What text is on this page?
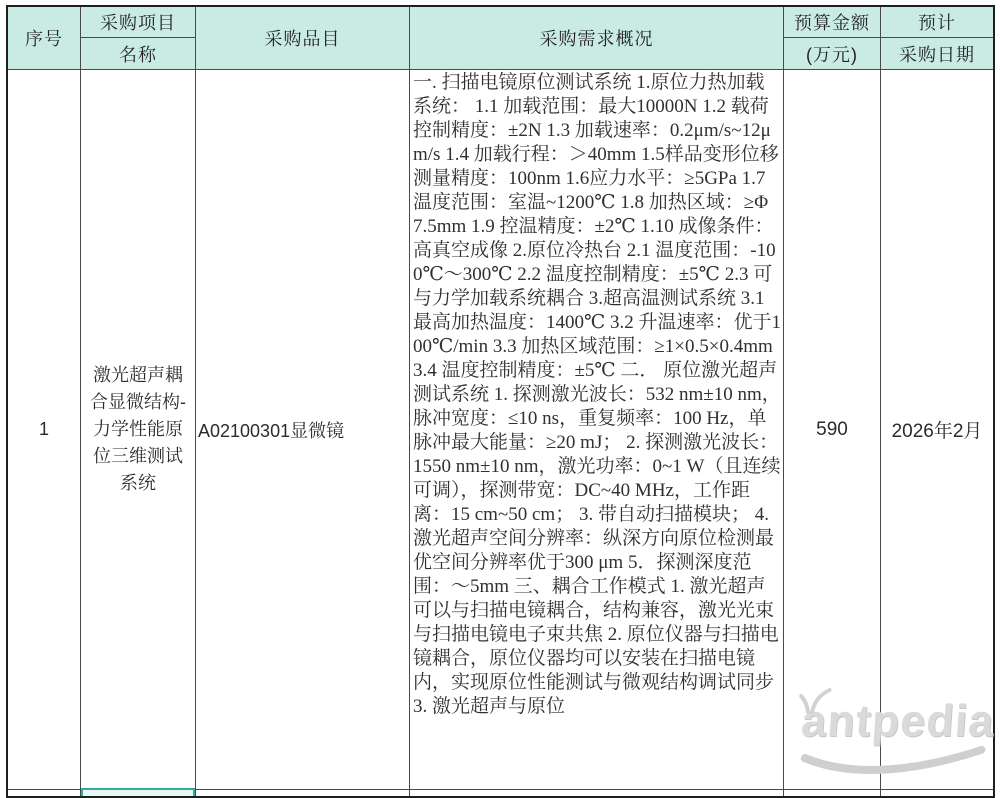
序号
采购项目
名称
采购品目	采购需求概况
预算金额
(万元)
预计
采购日期
1
激光超声耦合显微结构-力学性能原位三维测试系统
A02100301显微镜
一. 扫描电镜原位测试系统 1.原位力热加载系统： 1.1 加载范围：最大10000N 1.2 载荷控制精度：±2N 1.3 加载速率：0.2μm/s~12μm/s 1.4 加载行程：＞40mm 1.5样品变形位移测量精度：100nm 1.6应力水平：≥5GPa 1.7 温度范围：室温~1200℃ 1.8 加热区域：≥Φ7.5mm 1.9 控温精度：±2℃ 1.10 成像条件：高真空成像 2.原位冷热台 2.1 温度范围：-100℃～300℃ 2.2 温度控制精度：±5℃ 2.3 可与力学加载系统耦合 3.超高温测试系统 3.1 最高加热温度：1400℃ 3.2 升温速率：优于100℃/min 3.3 加热区域范围：≥1×0.5×0.4mm 3.4 温度控制精度：±5℃ 二． 原位激光超声测试系统 1. 探测激光波长：532 nm±10 nm，脉冲宽度：≤10 ns，重复频率：100 Hz，单脉冲最大能量：≥20 mJ； 2. 探测激光波长：1550 nm±10 nm，激光功率：0~1 W（且连续可调），探测带宽：DC~40 MHz，工作距离：15 cm~50 cm； 3. 带自动扫描模块； 4. 激光超声空间分辨率：纵深方向原位检测最优空间分辨率优于300 μm 5．探测深度范围：～5mm 三、耦合工作模式 1. 激光超声可以与扫描电镜耦合，结构兼容，激光光束与扫描电镜电子束共焦 2. 原位仪器与扫描电镜耦合，原位仪器均可以安装在扫描电镜内，实现原位性能测试与微观结构调试同步 3. 激光超声与原位
590	2026年2月
antpedia
